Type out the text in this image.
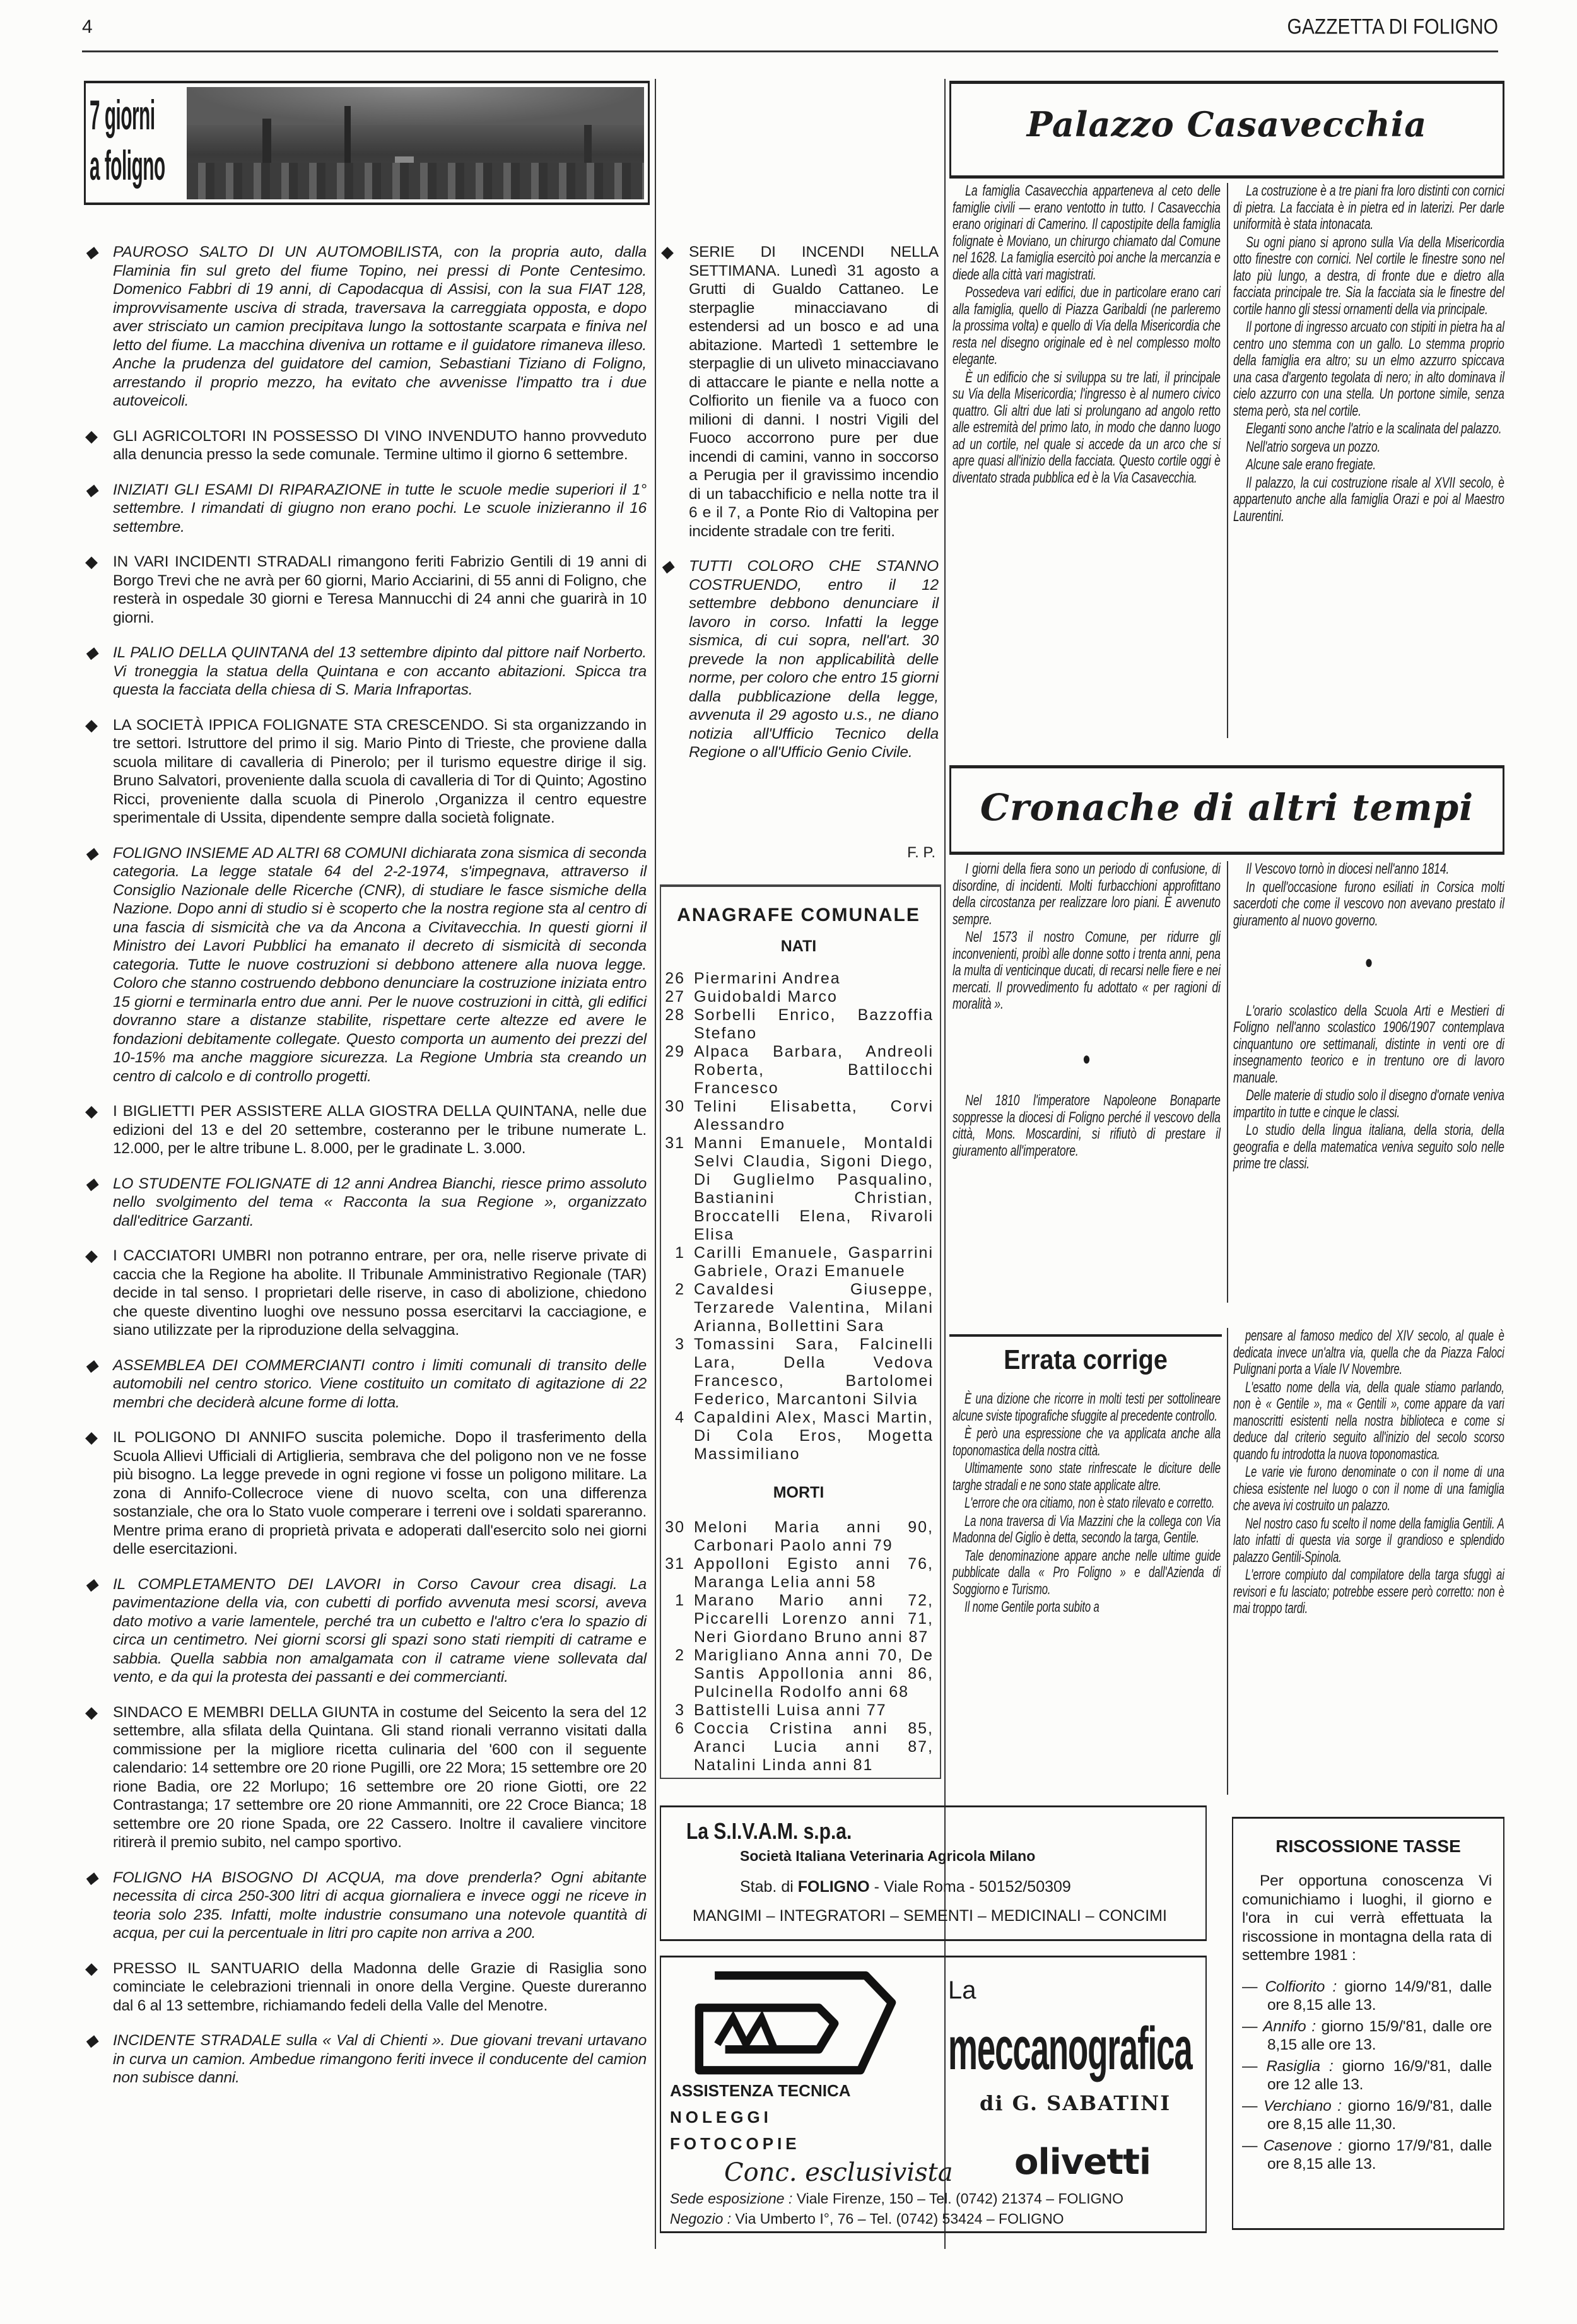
4	GAZZETTA DI FOLIGNO
7 giorni
a foligno
Palazzo Casavecchia
◆ PAUROSO SALTO DI UN AUTOMOBILISTA, con la propria auto, dalla Flaminia fin sul greto del fiume Topino, nei pressi di Ponte Centesimo. Domenico Fabbri di 19 anni, di Capodacqua di Assisi, con la sua FIAT 128, improvvisamente usciva di strada, traversava la carreggiata opposta, e dopo aver strisciato un camion precipitava lungo la sottostante scarpata e finiva nel letto del fiume. La macchina diveniva un rottame e il guidatore rimaneva illeso. Anche la prudenza del guidatore del camion, Sebastiani Tiziano di Foligno, arrestando il proprio mezzo, ha evitato che avvenisse l'impatto tra i due autoveicoli.
◆ GLI AGRICOLTORI IN POSSESSO DI VINO INVENDUTO hanno provveduto alla denuncia presso la sede comunale. Termine ultimo il giorno 6 settembre.
◆ INIZIATI GLI ESAMI DI RIPARAZIONE in tutte le scuole medie superiori il 1° settembre. I rimandati di giugno non erano pochi. Le scuole inizieranno il 16 settembre.
◆ IN VARI INCIDENTI STRADALI rimangono feriti Fabrizio Gentili di 19 anni di Borgo Trevi che ne avrà per 60 giorni, Mario Acciarini, di 55 anni di Foligno, che resterà in ospedale 30 giorni e Teresa Mannucchi di 24 anni che guarirà in 10 giorni.
◆ IL PALIO DELLA QUINTANA del 13 settembre dipinto dal pittore naif Norberto. Vi troneggia la statua della Quintana e con accanto abitazioni. Spicca tra questa la facciata della chiesa di S. Maria Infraportas.
◆ LA SOCIETÀ IPPICA FOLIGNATE STA CRESCENDO. Si sta organizzando in tre settori. Istruttore del primo il sig. Mario Pinto di Trieste, che proviene dalla scuola militare di cavalleria di Pinerolo; per il turismo equestre dirige il sig. Bruno Salvatori, proveniente dalla scuola di cavalleria di Tor di Quinto; Agostino Ricci, proveniente dalla scuola di Pinerolo ,Organizza il centro equestre sperimentale di Ussita, dipendente sempre dalla società folignate.
◆ FOLIGNO INSIEME AD ALTRI 68 COMUNI dichiarata zona sismica di seconda categoria. La legge statale 64 del 2-2-1974, s'impegnava, attraverso il Consiglio Nazionale delle Ricerche (CNR), di studiare le fasce sismiche della Nazione. Dopo anni di studio si è scoperto che la nostra regione sta al centro di una fascia di sismicità che va da Ancona a Civitavecchia. In questi giorni il Ministro dei Lavori Pubblici ha emanato il decreto di sismicità di seconda categoria. Tutte le nuove costruzioni si debbono attenere alla nuova legge. Coloro che stanno costruendo debbono denunciare la costruzione iniziata entro 15 giorni e terminarla entro due anni. Per le nuove costruzioni in città, gli edifici dovranno stare a distanze stabilite, rispettare certe altezze ed avere le fondazioni debitamente collegate. Questo comporta un aumento dei prezzi del 10-15% ma anche maggiore sicurezza. La Regione Umbria sta creando un centro di calcolo e di controllo progetti.
◆ I BIGLIETTI PER ASSISTERE ALLA GIOSTRA DELLA QUINTANA, nelle due edizioni del 13 e del 20 settembre, costeranno per le tribune numerate L. 12.000, per le altre tribune L. 8.000, per le gradinate L. 3.000.
◆ LO STUDENTE FOLIGNATE di 12 anni Andrea Bianchi, riesce primo assoluto nello svolgimento del tema « Racconta la sua Regione », organizzato dall'editrice Garzanti.
◆ I CACCIATORI UMBRI non potranno entrare, per ora, nelle riserve private di caccia che la Regione ha abolite. Il Tribunale Amministrativo Regionale (TAR) decide in tal senso. I proprietari delle riserve, in caso di abolizione, chiedono che queste diventino luoghi ove nessuno possa esercitarvi la cacciagione, e siano utilizzate per la riproduzione della selvaggina.
◆ ASSEMBLEA DEI COMMERCIANTI contro i limiti comunali di transito delle automobili nel centro storico. Viene costituito un comitato di agitazione di 22 membri che deciderà alcune forme di lotta.
◆ IL POLIGONO DI ANNIFO suscita polemiche. Dopo il trasferimento della Scuola Allievi Ufficiali di Artiglieria, sembrava che del poligono non ve ne fosse più bisogno. La legge prevede in ogni regione vi fosse un poligono militare. La zona di Annifo-Collecroce viene di nuovo scelta, con una differenza sostanziale, che ora lo Stato vuole comperare i terreni ove i soldati spareranno. Mentre prima erano di proprietà privata e adoperati dall'esercito solo nei giorni delle esercitazioni.
◆ IL COMPLETAMENTO DEI LAVORI in Corso Cavour crea disagi. La pavimentazione della via, con cubetti di porfido avvenuta mesi scorsi, aveva dato motivo a varie lamentele, perché tra un cubetto e l'altro c'era lo spazio di circa un centimetro. Nei giorni scorsi gli spazi sono stati riempiti di catrame e sabbia. Quella sabbia non amalgamata con il catrame viene sollevata dal vento, e da qui la protesta dei passanti e dei commercianti.
◆ SINDACO E MEMBRI DELLA GIUNTA in costume del Seicento la sera del 12 settembre, alla sfilata della Quintana. Gli stand rionali verranno visitati dalla commissione per la migliore ricetta culinaria del '600 con il seguente calendario: 14 settembre ore 20 rione Pugilli, ore 22 Mora; 15 settembre ore 20 rione Badia, ore 22 Morlupo; 16 settembre ore 20 rione Giotti, ore 22 Contrastanga; 17 settembre ore 20 rione Ammanniti, ore 22 Croce Bianca; 18 settembre ore 20 rione Spada, ore 22 Cassero. Inoltre il cavaliere vincitore ritirerà il premio subito, nel campo sportivo.
◆ FOLIGNO HA BISOGNO DI ACQUA, ma dove prenderla? Ogni abitante necessita di circa 250-300 litri di acqua giornaliera e invece oggi ne riceve in teoria solo 235. Infatti, molte industrie consumano una notevole quantità di acqua, per cui la percentuale in litri pro capite non arriva a 200.
◆ PRESSO IL SANTUARIO della Madonna delle Grazie di Rasiglia sono cominciate le celebrazioni triennali in onore della Vergine. Queste dureranno dal 6 al 13 settembre, richiamando fedeli della Valle del Menotre.
◆ INCIDENTE STRADALE sulla « Val di Chienti ». Due giovani trevani urtavano in curva un camion. Ambedue rimangono feriti invece il conducente del camion non subisce danni.
◆ SERIE DI INCENDI NELLA SETTIMANA. Lunedì 31 agosto a Grutti di Gualdo Cattaneo. Le sterpaglie minacciavano di estendersi ad un bosco e ad una abitazione. Martedì 1 settembre le sterpaglie di un uliveto minacciavano di attaccare le piante e nella notte a Colfiorito un fienile va a fuoco con milioni di danni. I nostri Vigili del Fuoco accorrono pure per due incendi di camini, vanno in soccorso a Perugia per il gravissimo incendio di un tabacchificio e nella notte tra il 6 e il 7, a Ponte Rio di Valtopina per incidente stradale con tre feriti.
◆ TUTTI COLORO CHE STANNO COSTRUENDO, entro il 12 settembre debbono denunciare il lavoro in corso. Infatti la legge sismica, di cui sopra, nell'art. 30 prevede la non applicabilità delle norme, per coloro che entro 15 giorni dalla pubblicazione della legge, avvenuta il 29 agosto u.s., ne diano notizia all'Ufficio Tecnico della Regione o all'Ufficio Genio Civile.
F. P.
ANAGRAFE COMUNALE
NATI
26 Piermarini Andrea
27 Guidobaldi Marco
28 Sorbelli Enrico, Bazzoffia Stefano
29 Alpaca Barbara, Andreoli Roberta, Battilocchi Francesco
30 Telini Elisabetta, Corvi Alessandro
31 Manni Emanuele, Montaldi Selvi Claudia, Sigoni Diego, Di Guglielmo Pasqualino, Bastianini Christian, Broccatelli Elena, Rivaroli Elisa
1 Carilli Emanuele, Gasparrini Gabriele, Orazi Emanuele
2 Cavaldesi Giuseppe, Terzarede Valentina, Milani Arianna, Bollettini Sara
3 Tomassini Sara, Falcinelli Lara, Della Vedova Francesco, Bartolomei Federico, Marcantoni Silvia
4 Capaldini Alex, Masci Martin, Di Cola Eros, Mogetta Massimiliano
MORTI
30 Meloni Maria anni 90, Carbonari Paolo anni 79
31 Appolloni Egisto anni 76, Maranga Lelia anni 58
1 Marano Mario anni 72, Piccarelli Lorenzo anni 71, Neri Giordano Bruno anni 87
2 Marigliano Anna anni 70, De Santis Appollonia anni 86, Pulcinella Rodolfo anni 68
3 Battistelli Luisa anni 77
6 Coccia Cristina anni 85, Aranci Lucia anni 87, Natalini Linda anni 81

La famiglia Casavecchia apparteneva al ceto delle famiglie civili — erano ventotto in tutto. I Casavecchia erano originari di Camerino. Il capostipite della famiglia folignate è Moviano, un chirurgo chiamato dal Comune nel 1628. La famiglia esercitò poi anche la mercanzia e diede alla città vari magistrati.

Possedeva vari edifici, due in particolare erano cari alla famiglia, quello di Piazza Garibaldi (ne parleremo la prossima volta) e quello di Via della Misericordia che resta nel disegno originale ed è nel complesso molto elegante.

È un edificio che si sviluppa su tre lati, il principale su Via della Misericordia; l'ingresso è al numero civico quattro. Gli altri due lati si prolungano ad angolo retto alle estremità del primo lato, in modo che danno luogo ad un cortile, nel quale si accede da un arco che si apre quasi all'inizio della facciata. Questo cortile oggi è diventato strada pubblica ed è la Via Casavecchia.

La costruzione è a tre piani fra loro distinti con cornici di pietra. La facciata è in pietra ed in laterizi. Per darle uniformità è stata intonacata.

Su ogni piano si aprono sulla Via della Misericordia otto finestre con cornici. Nel cortile le finestre sono nel lato più lungo, a destra, di fronte due e dietro alla facciata principale tre. Sia la facciata sia le finestre del cortile hanno gli stessi ornamenti della via principale.

Il portone di ingresso arcuato con stipiti in pietra ha al centro uno stemma con un gallo. Lo stemma proprio della famiglia era altro; su un elmo azzurro spiccava una casa d'argento tegolata di nero; in alto dominava il cielo azzurro con una stella. Un portone simile, senza stema però, sta nel cortile.

Eleganti sono anche l'atrio e la scalinata del palazzo.

Nell'atrio sorgeva un pozzo.

Alcune sale erano fregiate.

Il palazzo, la cui costruzione risale al XVII secolo, è appartenuto anche alla famiglia Orazi e poi al Maestro Laurentini.

Cronache di altri tempi

I giorni della fiera sono un periodo di confusione, di disordine, di incidenti. Molti furbacchioni approfittano della circostanza per realizzare loro piani. È avvenuto sempre.

Nel 1573 il nostro Comune, per ridurre gli inconvenienti, proibì alle donne sotto i trenta anni, pena la multa di venticinque ducati, di recarsi nelle fiere e nei mercati. Il provvedimento fu adottato « per ragioni di moralità ».

●

Nel 1810 l'imperatore Napoleone Bonaparte soppresse la diocesi di Foligno perché il vescovo della città, Mons. Moscardini, si rifiutò di prestare il giuramento all'imperatore.

Il Vescovo tornò in diocesi nell'anno 1814.

In quell'occasione furono esiliati in Corsica molti sacerdoti che come il vescovo non avevano prestato il giuramento al nuovo governo.

●

L'orario scolastico della Scuola Arti e Mestieri di Foligno nell'anno scolastico 1906/1907 contemplava cinquantuno ore settimanali, distinte in venti ore di insegnamento teorico e in trentuno ore di lavoro manuale.

Delle materie di studio solo il disegno d'ornate veniva impartito in tutte e cinque le classi.

Lo studio della lingua italiana, della storia, della geografia e della matematica veniva seguito solo nelle prime tre classi.

Errata corrige

È una dizione che ricorre in molti testi per sottolineare alcune sviste tipografiche sfuggite al precedente controllo.

È però una espressione che va applicata anche alla toponomastica della nostra città.

Ultimamente sono state rinfrescate le diciture delle targhe stradali e ne sono state applicate altre.

L'errore che ora citiamo, non è stato rilevato e corretto.

La nona traversa di Via Mazzini che la collega con Via Madonna del Giglio è detta, secondo la targa, Gentile.

Tale denominazione appare anche nelle ultime guide pubblicate dalla « Pro Foligno » e dall'Azienda di Soggiorno e Turismo.

Il nome Gentile porta subito a

pensare al famoso medico del XIV secolo, al quale è dedicata invece un'altra via, quella che da Piazza Faloci Pulignani porta a Viale IV Novembre.

L'esatto nome della via, della quale stiamo parlando, non è « Gentile », ma « Gentili », come appare da vari manoscritti esistenti nella nostra biblioteca e come si deduce dal criterio seguito all'inizio del secolo scorso quando fu introdotta la nuova toponomastica.

Le varie vie furono denominate o con il nome di una chiesa esistente nel luogo o con il nome di una famiglia che aveva ivi costruito un palazzo.

Nel nostro caso fu scelto il nome della famiglia Gentili. A lato infatti di questa via sorge il grandioso e splendido palazzo Gentili-Spinola.

L'errore compiuto dal compilatore della targa sfuggì ai revisori e fu lasciato; potrebbe essere però corretto: non è mai troppo tardi.

RISCOSSIONE TASSE
Per opportuna conoscenza Vi comunichiamo i luoghi, il giorno e l'ora in cui verrà effettuata la riscossione in montagna della rata di settembre 1981 :
— Colfiorito : giorno 14/9/'81, dalle ore 8,15 alle 13.
— Annifo : giorno 15/9/'81, dalle ore 8,15 alle ore 13.
— Rasiglia : giorno 16/9/'81, dalle ore 12 alle 13.
— Verchiano : giorno 16/9/'81, dalle ore 8,15 alle 11,30.
— Casenove : giorno 17/9/'81, dalle ore 8,15 alle 13.
La S.I.V.A.M. s.p.a.
Società Italiana Veterinaria Agricola Milano
Stab. di FOLIGNO - Viale Roma - 50152/50309
MANGIMI – INTEGRATORI – SEMENTI – MEDICINALI – CONCIMI
La
meccanografica
di G. SABATINI
ASSISTENZA TECNICA
NOLEGGI
FOTOCOPIE
Conc. esclusivista olivetti
Sede esposizione : Viale Firenze, 150 – Tel. (0742) 21374 – FOLIGNO
Negozio : Via Umberto I°, 76 – Tel. (0742) 53424 – FOLIGNO
